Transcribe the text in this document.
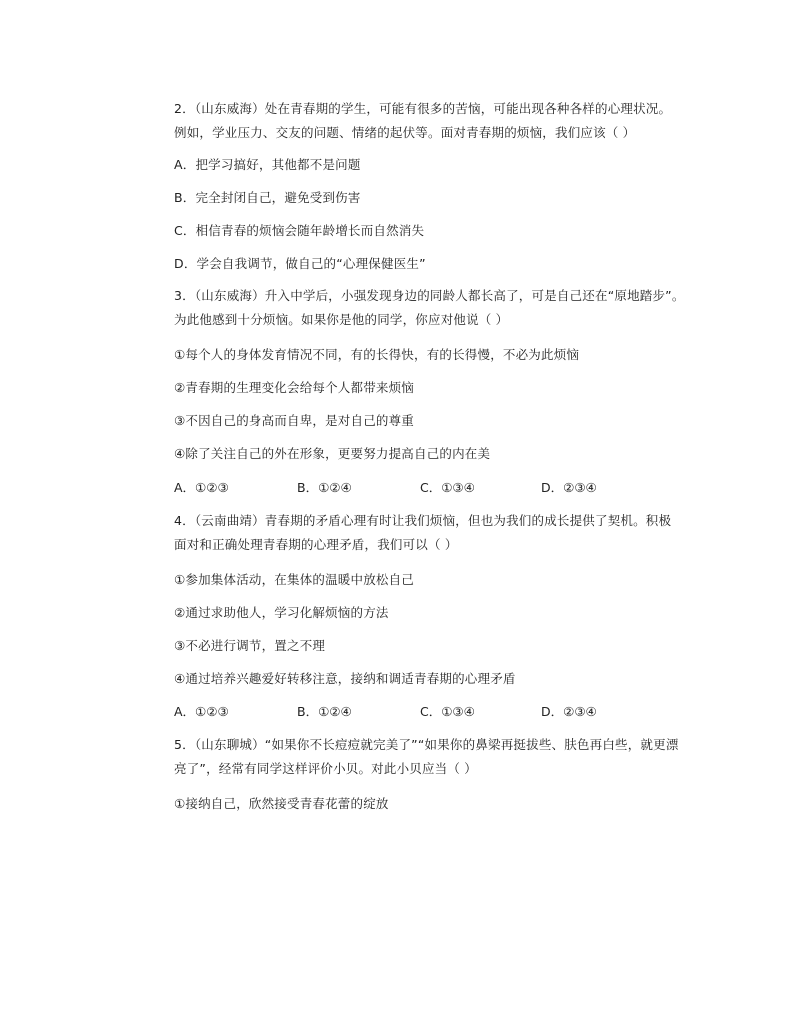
2．（山东威海）处在青春期的学生，可能有很多的苦恼，可能出现各种各样的心理状况。
例如，学业压力、交友的问题、情绪的起伏等。面对青春期的烦恼，我们应该（ ）
A．把学习搞好，其他都不是问题
B．完全封闭自己，避免受到伤害
C．相信青春的烦恼会随年龄增长而自然消失
D．学会自我调节，做自己的“心理保健医生”
3．（山东威海）升入中学后，小强发现身边的同龄人都长高了，可是自己还在“原地踏步”。
为此他感到十分烦恼。如果你是他的同学，你应对他说（ ）
①每个人的身体发育情况不同，有的长得快，有的长得慢，不必为此烦恼
②青春期的生理变化会给每个人都带来烦恼
③不因自己的身高而自卑，是对自己的尊重
④除了关注自己的外在形象，更要努力提高自己的内在美
A．①②③	B．①②④	C．①③④	D．②③④
4．（云南曲靖）青春期的矛盾心理有时让我们烦恼，但也为我们的成长提供了契机。积极
面对和正确处理青春期的心理矛盾，我们可以（ ）
①参加集体活动，在集体的温暖中放松自己
②通过求助他人，学习化解烦恼的方法
③不必进行调节，置之不理
④通过培养兴趣爱好转移注意，接纳和调适青春期的心理矛盾
A．①②③	B．①②④	C．①③④	D．②③④
5．（山东聊城）“如果你不长痘痘就完美了”“如果你的鼻梁再挺拔些、肤色再白些，就更漂
亮了”，经常有同学这样评价小贝。对此小贝应当（ ）
①接纳自己，欣然接受青春花蕾的绽放
